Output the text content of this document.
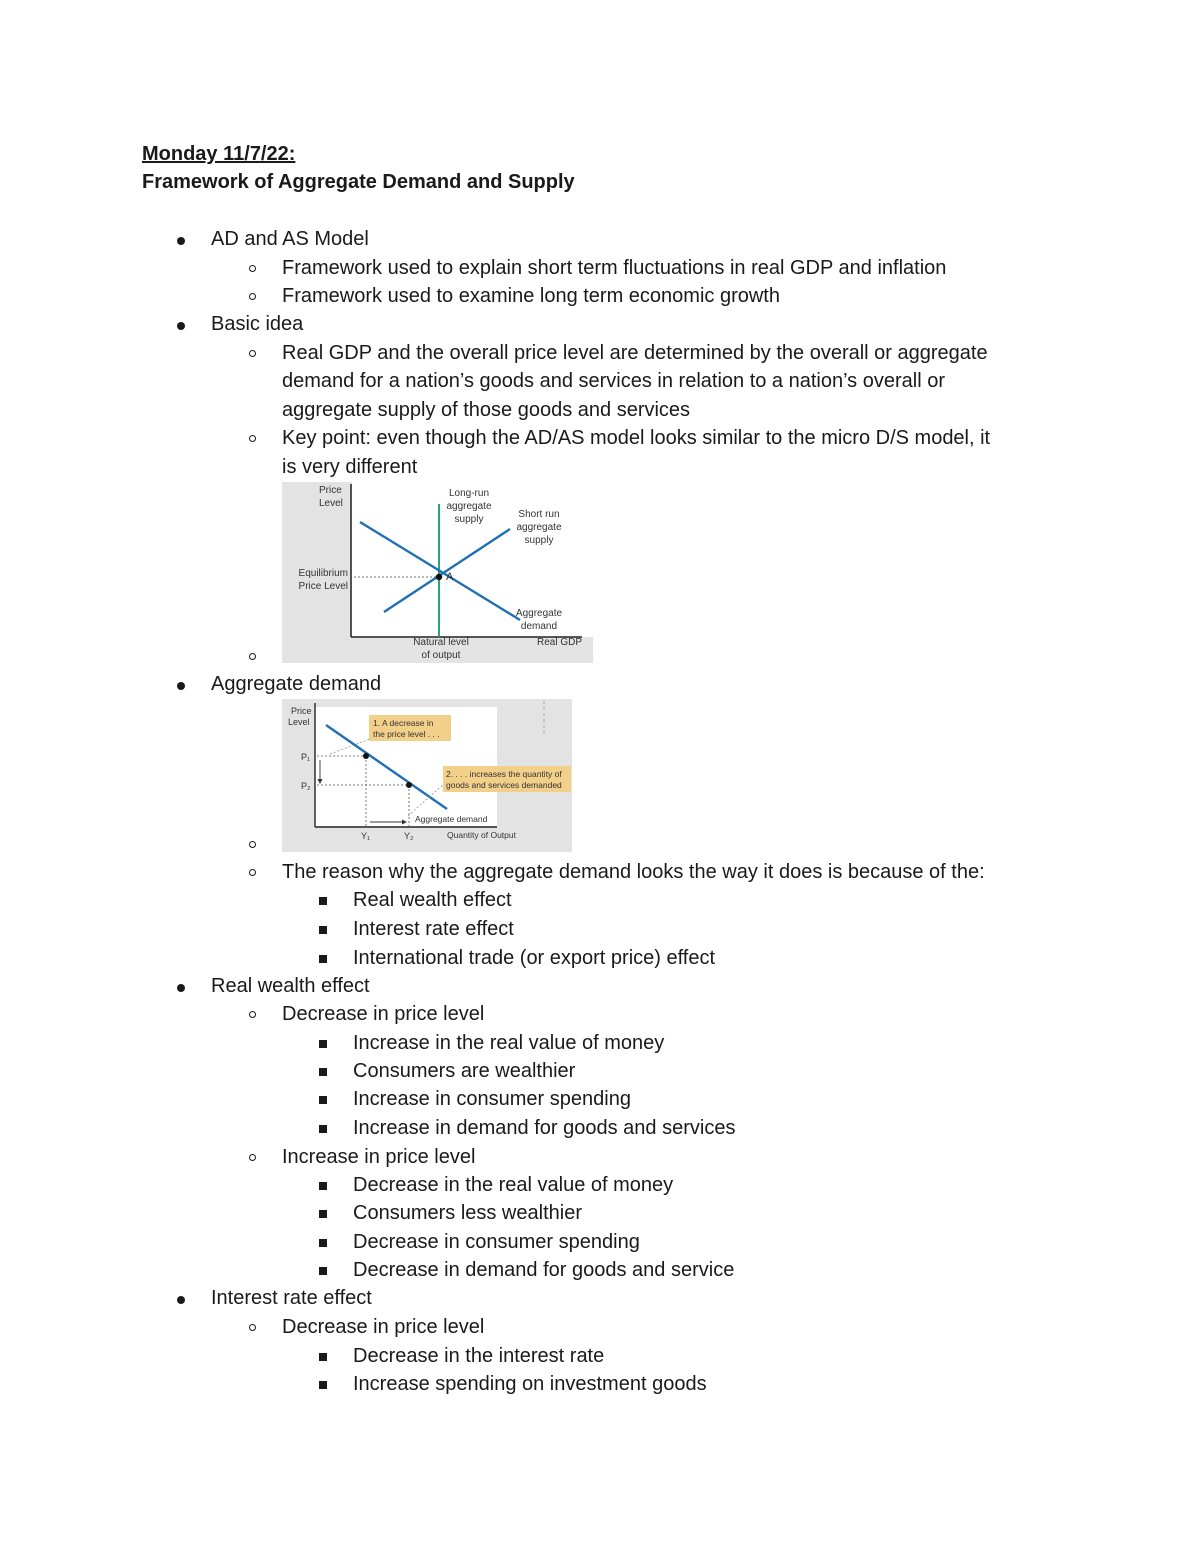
Monday 11/7/22:
Framework of Aggregate Demand and Supply
AD and AS Model
Framework used to explain short term fluctuations in real GDP and inflation
Framework used to examine long term economic growth
Basic idea
Real GDP and the overall price level are determined by the overall or aggregate
demand for a nation’s goods and services in relation to a nation’s overall or
aggregate supply of those goods and services
Key point: even though the AD/AS model looks similar to the micro D/S model, it
is very different
A
Price
Level
Long-run
aggregate
supply	Short run
aggregate
supply
Equilibrium
Price Level
Aggregate
demand
Natural level
of output
Real GDP
Aggregate demand
1. A decrease in
the price level . . .
2. . . . increases the quantity of
goods and services demanded
Price
Level
P₁
P₂
Aggregate demand
Y₁	Y₂	Quantity of Output
The reason why the aggregate demand looks the way it does is because of the:
Real wealth effect
Interest rate effect
International trade (or export price) effect
Real wealth effect
Decrease in price level
Increase in the real value of money
Consumers are wealthier
Increase in consumer spending
Increase in demand for goods and services
Increase in price level
Decrease in the real value of money
Consumers less wealthier
Decrease in consumer spending
Decrease in demand for goods and service
Interest rate effect
Decrease in price level
Decrease in the interest rate
Increase spending on investment goods
